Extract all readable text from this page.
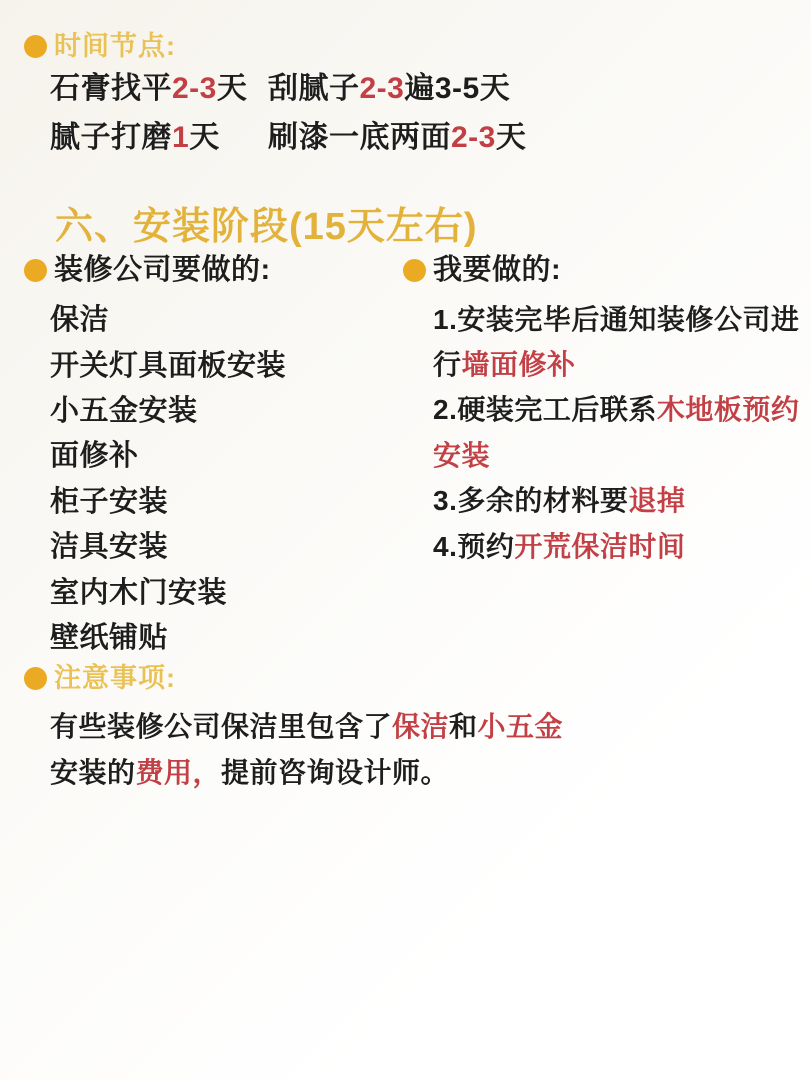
时间节点:
石膏找平2-3天 刮腻子2-3遍3-5天
腻子打磨1天	刷漆一底两面2-3天
六、安装阶段(15天左右)
装修公司要做的:
保洁
开关灯具面板安装
小五金安装
面修补
柜子安装
洁具安装
室内木门安装
壁纸铺贴
我要做的:
1.安装完毕后通知装修公司进
行 墙面修补
2.硬装完工后联系 木地板预约
安装
3.多余的材料要 退掉
4.预约 开荒保洁时间
注意事项:
有些装修公司保洁里包含了 保洁 和 小五金
安装的 费用， 提前咨询设计师。
